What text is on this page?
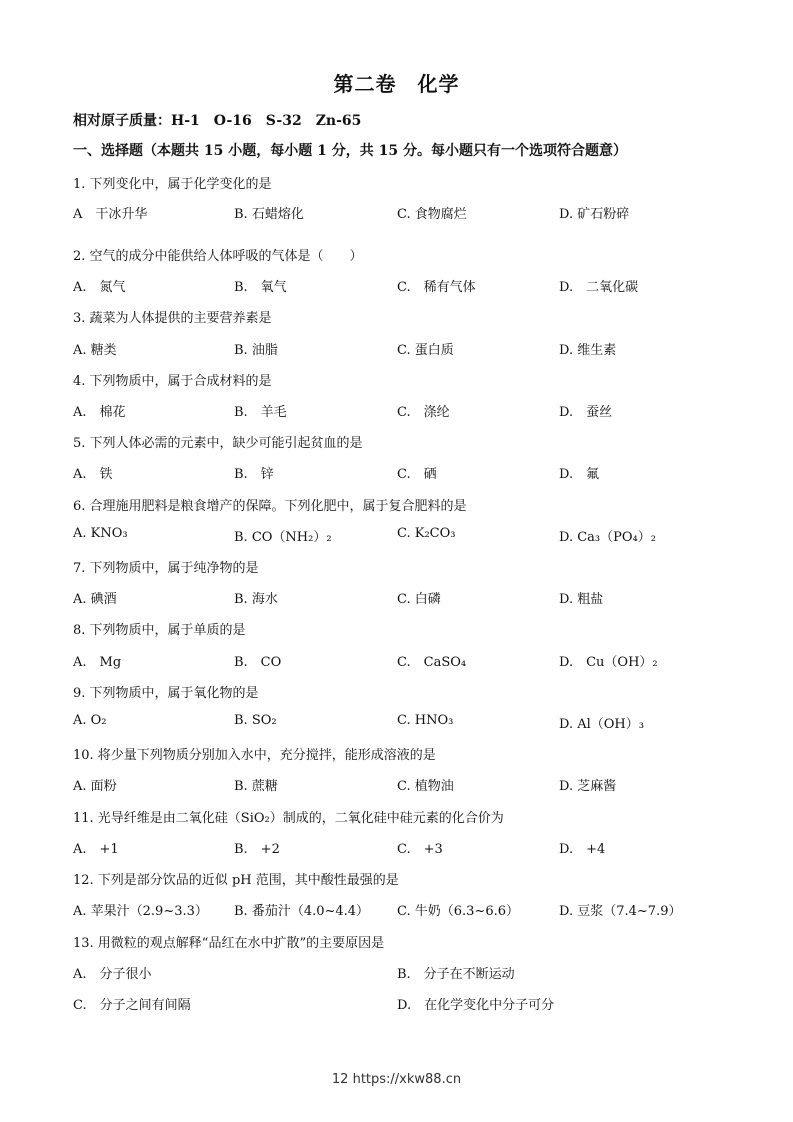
第二卷　化学
相对原子质量：H-1　O-16　S-32　Zn-65
一、选择题（本题共 15 小题，每小题 1 分，共 15 分。每小题只有一个选项符合题意）
1. 下列变化中，属于化学变化的是
A　干冰升华	B. 石蜡熔化	C. 食物腐烂	D. 矿石粉碎
2. 空气的成分中能供给人体呼吸的气体是（　　）
A.　氮气	B.　氧气	C.　稀有气体	D.　二氧化碳
3. 蔬菜为人体提供的主要营养素是
A. 糖类	B. 油脂	C. 蛋白质	D. 维生素
4. 下列物质中，属于合成材料的是
A.　棉花	B.　羊毛	C.　涤纶	D.　蚕丝
5. 下列人体必需的元素中，缺少可能引起贫血的是
A.　铁	B.　锌	C.　硒	D.　氟
6. 合理施用肥料是粮食增产的保障。下列化肥中，属于复合肥料的是
A. KNO₃	B. CO（NH₂）₂	C. K₂CO₃	D. Ca₃（PO₄）₂
7. 下列物质中，属于纯净物的是
A. 碘酒	B. 海水	C. 白磷	D. 粗盐
8. 下列物质中，属于单质的是
A.　Mg	B.　CO	C.　CaSO₄	D.　Cu（OH）₂
9. 下列物质中，属于氧化物的是
A. O₂	B. SO₂	C. HNO₃	D. Al（OH）₃
10. 将少量下列物质分别加入水中，充分搅拌，能形成溶液的是
A. 面粉	B. 蔗糖	C. 植物油	D. 芝麻酱
11. 光导纤维是由二氧化硅（SiO₂）制成的，二氧化硅中硅元素的化合价为
A.　+1	B.　+2	C.　+3	D.　+4
12. 下列是部分饮品的近似 pH 范围，其中酸性最强的是
A. 苹果汁（2.9~3.3） B. 番茄汁（4.0~4.4） C. 牛奶（6.3~6.6）	D. 豆浆（7.4~7.9）
13. 用微粒的观点解释“品红在水中扩散”的主要原因是
A.　分子很小	B.　分子在不断运动
C.　分子之间有间隔	D.　在化学变化中分子可分
12 https://xkw88.cn
